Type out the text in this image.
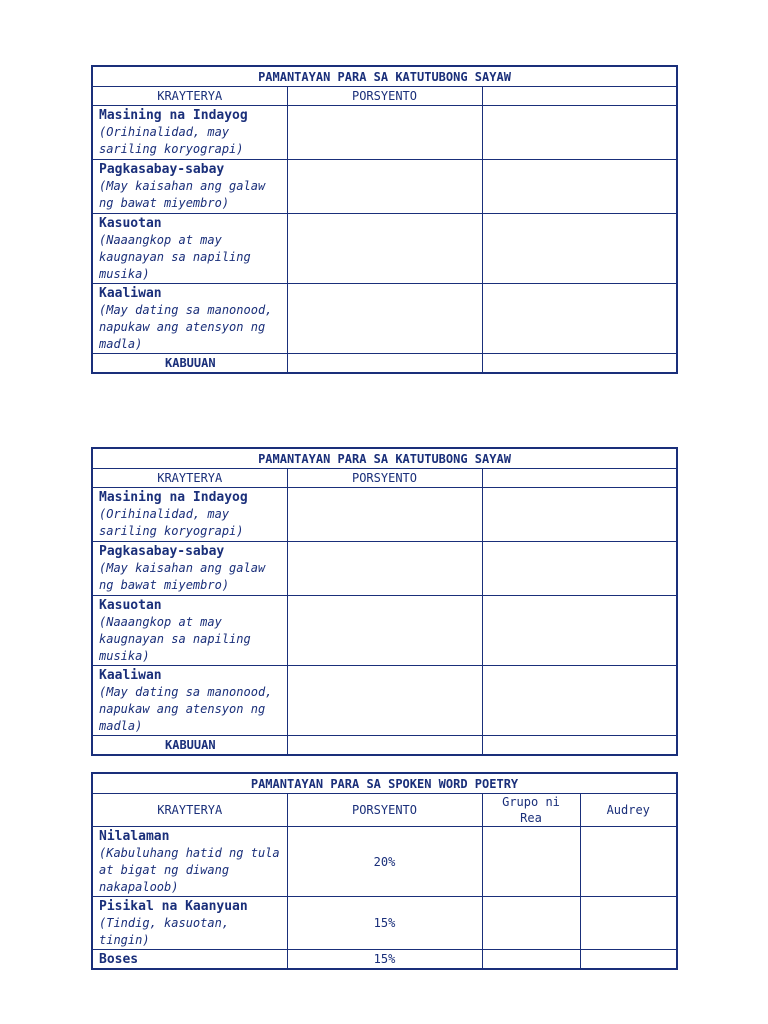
PAMANTAYAN PARA SA KATUTUBONG SAYAW		
KRAYTERYA	PORSYENTO	

Masining na Indayog
(Orihinalidad, may sariling koryograpi)		

Pagkasabay-sabay
(May kaisahan ang galaw ng bawat miyembro)		

Kasuotan
(Naaangkop at may kaugnayan sa napiling musika)		

Kaaliwan
(May dating sa manonood, napukaw ang atensyon ng madla)		

KABUUAN		
PAMANTAYAN PARA SA KATUTUBONG SAYAW		
KRAYTERYA	PORSYENTO	

Masining na Indayog
(Orihinalidad, may sariling koryograpi)		

Pagkasabay-sabay
(May kaisahan ang galaw ng bawat miyembro)		

Kasuotan
(Naaangkop at may kaugnayan sa napiling musika)		

Kaaliwan
(May dating sa manonood, napukaw ang atensyon ng madla)		

KABUUAN		
PAMANTAYAN PARA SA SPOKEN WORD POETRY			
KRAYTERYA	PORSYENTO	Grupo ni Rea	Audrey

Nilalaman
(Kabuluhang hatid ng tula at bigat ng diwang nakapaloob)	20%		

Pisikal na Kaanyuan
(Tindig, kasuotan, tingin)	15%		

Boses	15%		
